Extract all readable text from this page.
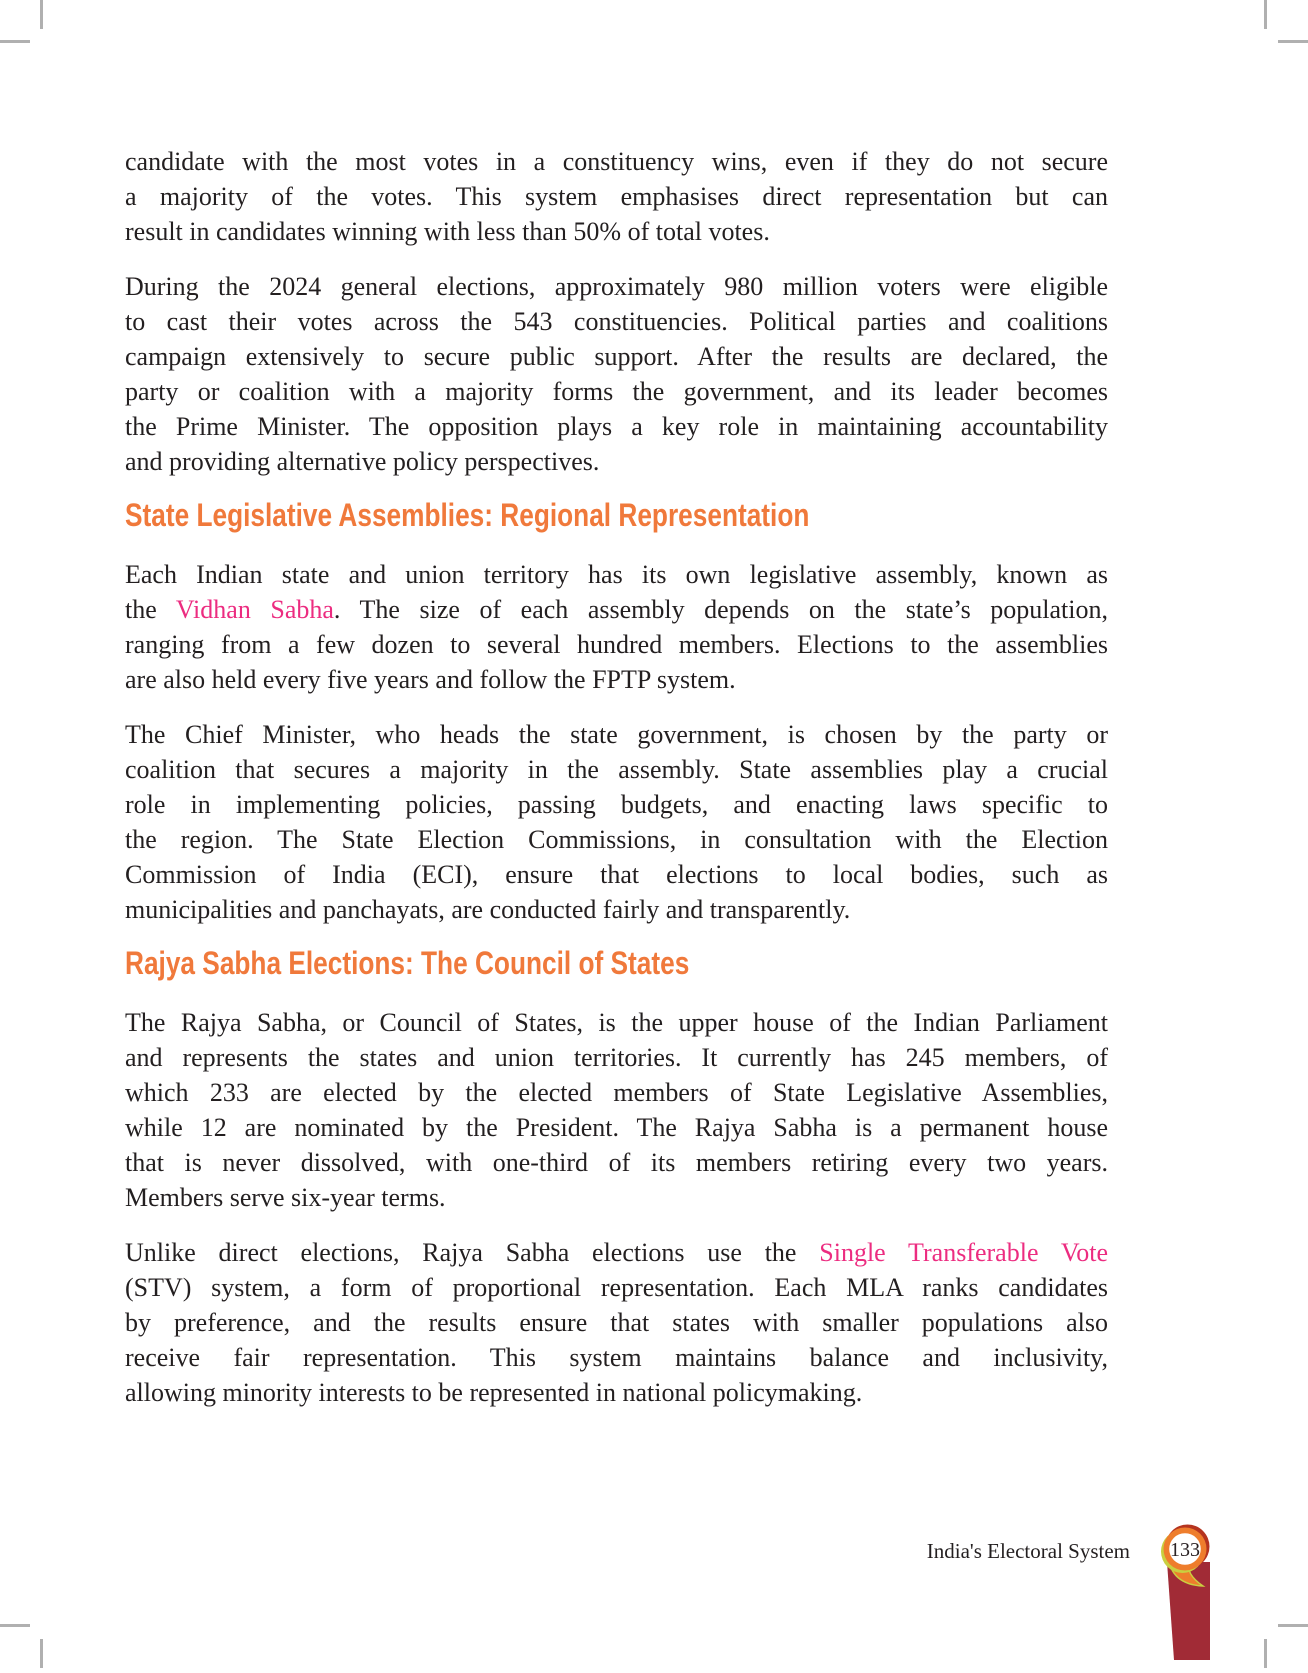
candidate with the most votes in a constituency wins, even if they do not secure
a majority of the votes. This system emphasises direct representation but can
result in candidates winning with less than 50% of total votes.

During the 2024 general elections, approximately 980 million voters were eligible
to cast their votes across the 543 constituencies. Political parties and coalitions
campaign extensively to secure public support. After the results are declared, the
party or coalition with a majority forms the government, and its leader becomes
the Prime Minister. The opposition plays a key role in maintaining accountability
and providing alternative policy perspectives.

State Legislative Assemblies: Regional Representation

Each Indian state and union territory has its own legislative assembly, known as
the Vidhan Sabha. The size of each assembly depends on the state’s population,
ranging from a few dozen to several hundred members. Elections to the assemblies
are also held every five years and follow the FPTP system.

The Chief Minister, who heads the state government, is chosen by the party or
coalition that secures a majority in the assembly. State assemblies play a crucial
role in implementing policies, passing budgets, and enacting laws specific to
the region. The State Election Commissions, in consultation with the Election
Commission of India (ECI), ensure that elections to local bodies, such as
municipalities and panchayats, are conducted fairly and transparently.

Rajya Sabha Elections: The Council of States

The Rajya Sabha, or Council of States, is the upper house of the Indian Parliament
and represents the states and union territories. It currently has 245 members, of
which 233 are elected by the elected members of State Legislative Assemblies,
while 12 are nominated by the President. The Rajya Sabha is a permanent house
that is never dissolved, with one-third of its members retiring every two years.
Members serve six-year terms.

Unlike direct elections, Rajya Sabha elections use the Single Transferable Vote
(STV) system, a form of proportional representation. Each MLA ranks candidates
by preference, and the results ensure that states with smaller populations also
receive fair representation. This system maintains balance and inclusivity,
allowing minority interests to be represented in national policymaking.

India's Electoral System 133
